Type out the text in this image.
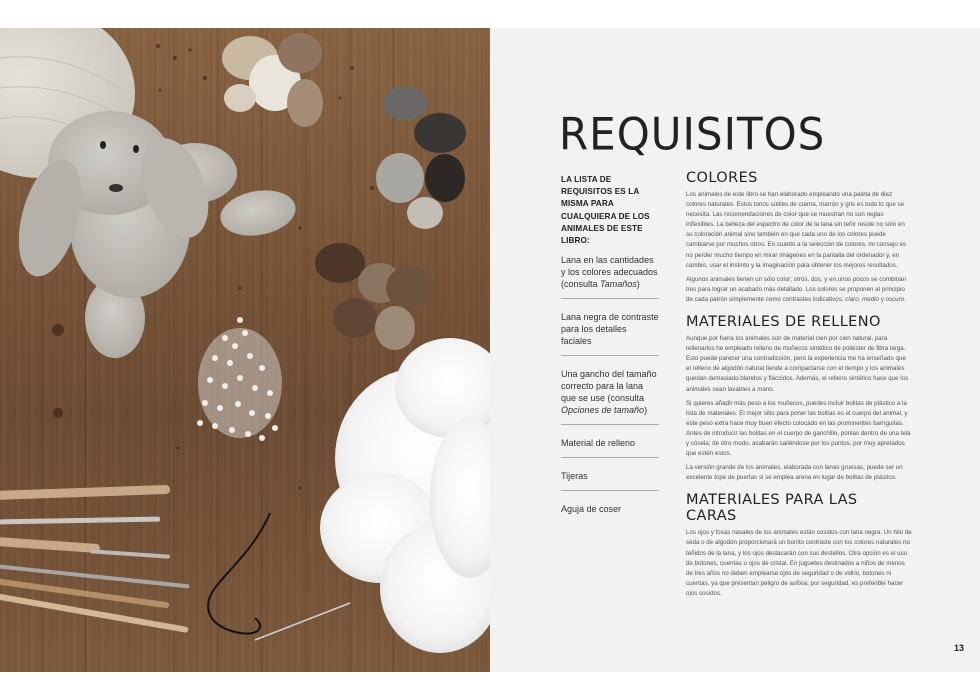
REQUISITOS
LA LISTA DE REQUISITOS ES LA MISMA PARA CUALQUIERA DE LOS ANIMALES DE ESTE LIBRO:
Lana en las cantidades y los colores adecuados (consulta Tamaños)
Lana negra de contraste para los detalles faciales
Una gancho del tamaño correcto para la lana que se use (consulta Opciones de tamaño)
Material de relleno
Tijeras
Aguja de coser
COLORES

Los animales de este libro se han elaborado empleando una paleta de diez colores naturales. Estos tonos sutiles de crema, marrón y gris es todo lo que se necesita. Las recomendaciones de color que se muestran no son reglas inflexibles. La belleza del espectro de color de la lana sin teñir reside no sólo en su coloración animal sino también en que cada uno de los colores puede cambiarse por muchos otros. En cuanto a la selección de colores, mi consejo es no perder mucho tiempo en mirar imágenes en la pantalla del ordenador y, en cambio, usar el instinto y la imaginación para obtener los mejores resultados.

Algunos animales tienen un sólo color; otros, dos, y en unos pocos se combinan tres para lograr un acabado más detallado. Los colores se proponen al principio de cada patrón simplemente como contrastes indicativos: claro, medio y oscuro.

MATERIALES DE RELLENO

Aunque por fuera los animales son de material cien por cien natural, para rellenarlos he empleado relleno de muñecos sintético de poliéster de fibra larga. Esto puede parecer una contradicción, pero la experiencia me ha enseñado que el relleno de algodón natural tiende a compactarse con el tiempo y los animales quedan demasiado blandos y fláccidos. Además, el relleno sintético hace que los animales sean lavables a mano.

Si quieres añadir más peso a los muñecos, puedes incluir bolitas de plástico a la lista de materiales. El mejor sitio para poner las bolitas es el cuerpo del animal, y este peso extra hace muy buen efecto colocado en las prominentes barriguitas. Antes de introducir las bolitas en el cuerpo de ganchillo, ponlas dentro de una tela y cósela; de otro modo, acabarán saliéndose por los puntos, por muy apretados que estén estos.

La versión grande de los animales, elaborada con lanas gruesas, puede ser un excelente tope de puertas si se emplea arena en lugar de bolitas de plástico.

MATERIALES PARA LAS CARAS

Los ojos y fosas nasales de los animales están cosidos con lana negra. Un hilo de seda o de algodón proporcionará un bonito contraste con los colores naturales no teñidos de la lana, y los ojos destacarán con sus destellos. Otra opción es el uso de botones, cuentas u ojos de cristal. En juguetes destinados a niños de menos de tres años no deben emplearse ojos de seguridad o de vidrio, botones ni cuentas, ya que presentan peligro de asfixia; por seguridad, es preferible hacer ojos cosidos.

13
